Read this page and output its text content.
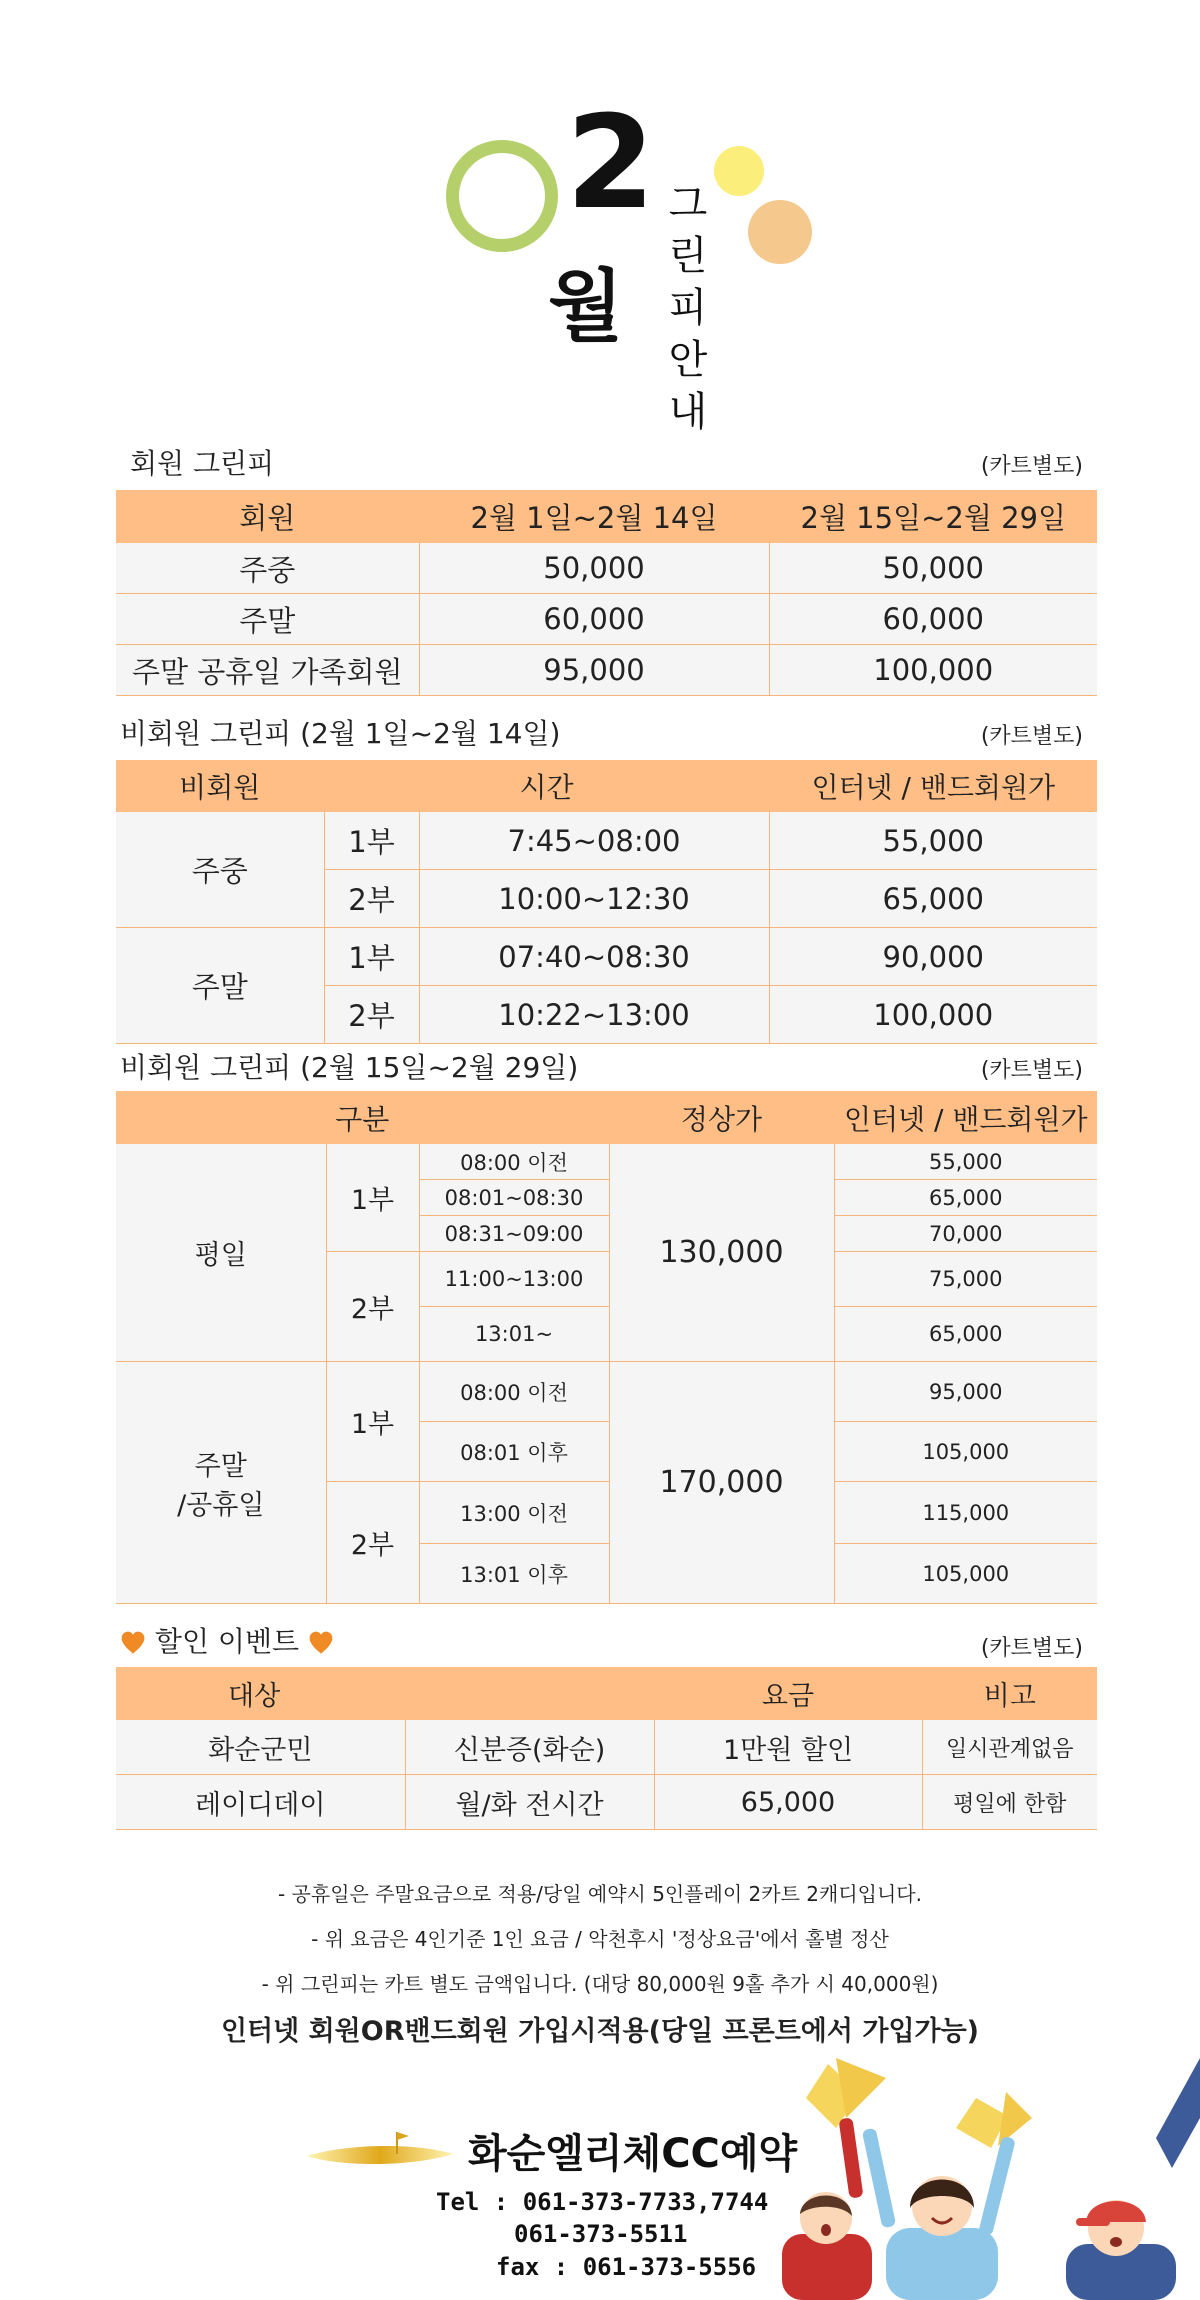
2
월
그린피안내
회원 그린피	(카트별도)
회원	2월 1일~2월 14일	2월 15일~2월 29일
주중	50,000	50,000
주말	60,000	60,000
주말 공휴일 가족회원	95,000	100,000
비회원 그린피 (2월 1일~2월 14일)	(카트별도)
비회원	시간		인터넷 / 밴드회원가
주중	1부	7:45~08:00	55,000
	2부	10:00~12:30	65,000
주말	1부	07:40~08:30	90,000
	2부	10:22~13:00	100,000
비회원 그린피 (2월 15일~2월 29일)	(카트별도)
구분			정상가	인터넷 / 밴드회원가
평일	1부	08:00 이전	130,000	55,000
		08:01~08:30		65,000
		08:31~09:00		70,000
	2부	11:00~13:00		75,000
		13:01~		65,000
주말
/공휴일	1부	08:00 이전	170,000	95,000
		08:01 이후		105,000
	2부	13:00 이전		115,000
		13:01 이후		105,000
할인 이벤트	(카트별도)
대상		요금	비고
화순군민	신분증(화순)	1만원 할인	일시관계없음
레이디데이	월/화 전시간	65,000	평일에 한함
- 공휴일은 주말요금으로 적용/당일 예약시 5인플레이 2카트 2캐디입니다.
- 위 요금은 4인기준 1인 요금 / 악천후시 '정상요금'에서 홀별 정산
- 위 그린피는 카트 별도 금액입니다. (대당 80,000원 9홀 추가 시 40,000원)
인터넷 회원OR밴드회원 가입시적용(당일 프론트에서 가입가능)
화순엘리체CC예약
Tel : 061-373-7733,7744
061-373-5511
fax : 061-373-5556
